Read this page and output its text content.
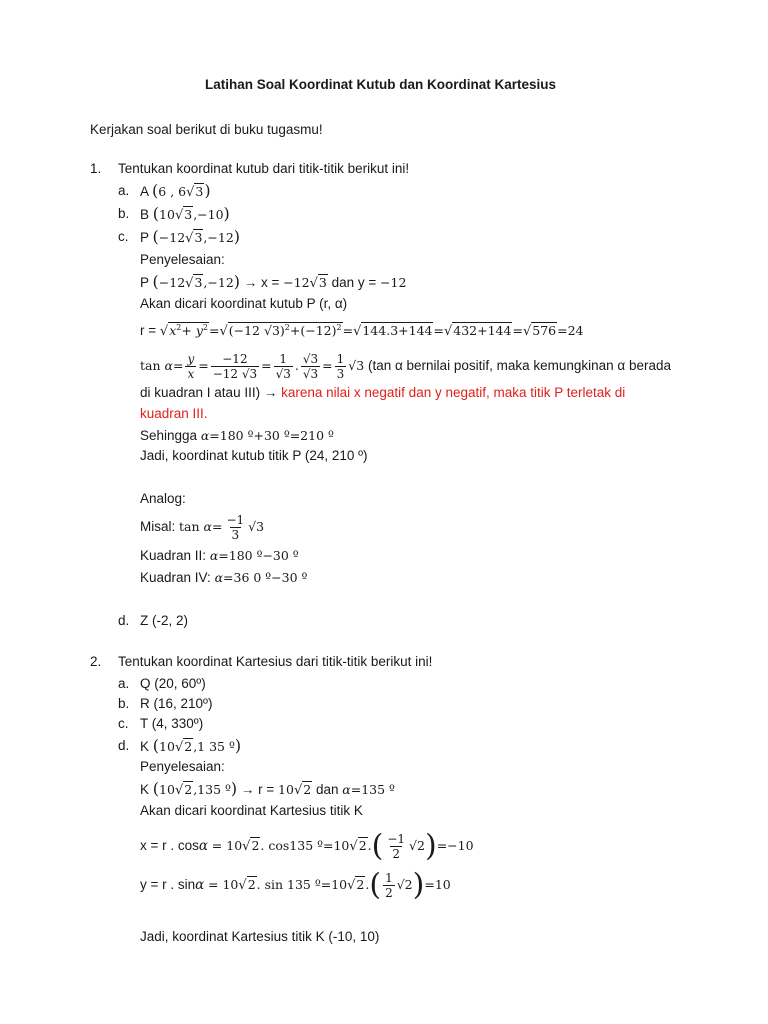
Latihan Soal Koordinat Kutub dan Koordinat Kartesius
Kerjakan soal berikut di buku tugasmu!
1. Tentukan koordinat kutub dari titik-titik berikut ini!
a. A (6 , 6√3)
b. B (10√3,−10)
c. P (−12√3,−12)
Penyelesaian:
P (−12√3,−12) → x = −12√3 dan y = −12
Akan dicari koordinat kutub P (r, α)
$r = √x^2+ y^2=√(-12$ $√3)^2+(-12)^2=√144.3+144=√432+144=√576=24$
$\tan \alpha= \frac{y}{x} = \frac{-12}{-12 √3} = \frac{1}{√3}$ . $\frac{√3}{√3} = \frac{1}{3} √3$ (tan α bernilai positif, maka kemungkinan α berada
di kuadran I atau III) → karena nilai x negatif dan y negatif, maka titik P terletak di
kuadran III.
Sehingga α=180 º+30 º=210 º
Jadi, koordinat kutub titik P (24, 210 º)
Analog:
Misal: $\tan \alpha= \frac{-1}{3} √3$
Kuadran II: α=180 º−30 º
Kuadran IV: α=36 0 º−30 º
d. Z (-2, 2)
2. Tentukan koordinat Kartesius dari titik-titik berikut ini!
a. Q (20, 60º)
b. R (16, 210º)
c. T (4, 330º)
d. K (10√2,1 35 º)
Penyelesaian:
K (10√2,135 º) → r = 10√2 dan α=135 º
Akan dicari koordinat Kartesius titik K
x = r . cosα = 10√2. cos135 º=10√2.( $\frac{-1}{2} √2)=-10$
y = r . sinα = 10√2. sin 135 º=10√2.( $\frac{1}{2} √2)=10$
Jadi, koordinat Kartesius titik K (-10, 10)
